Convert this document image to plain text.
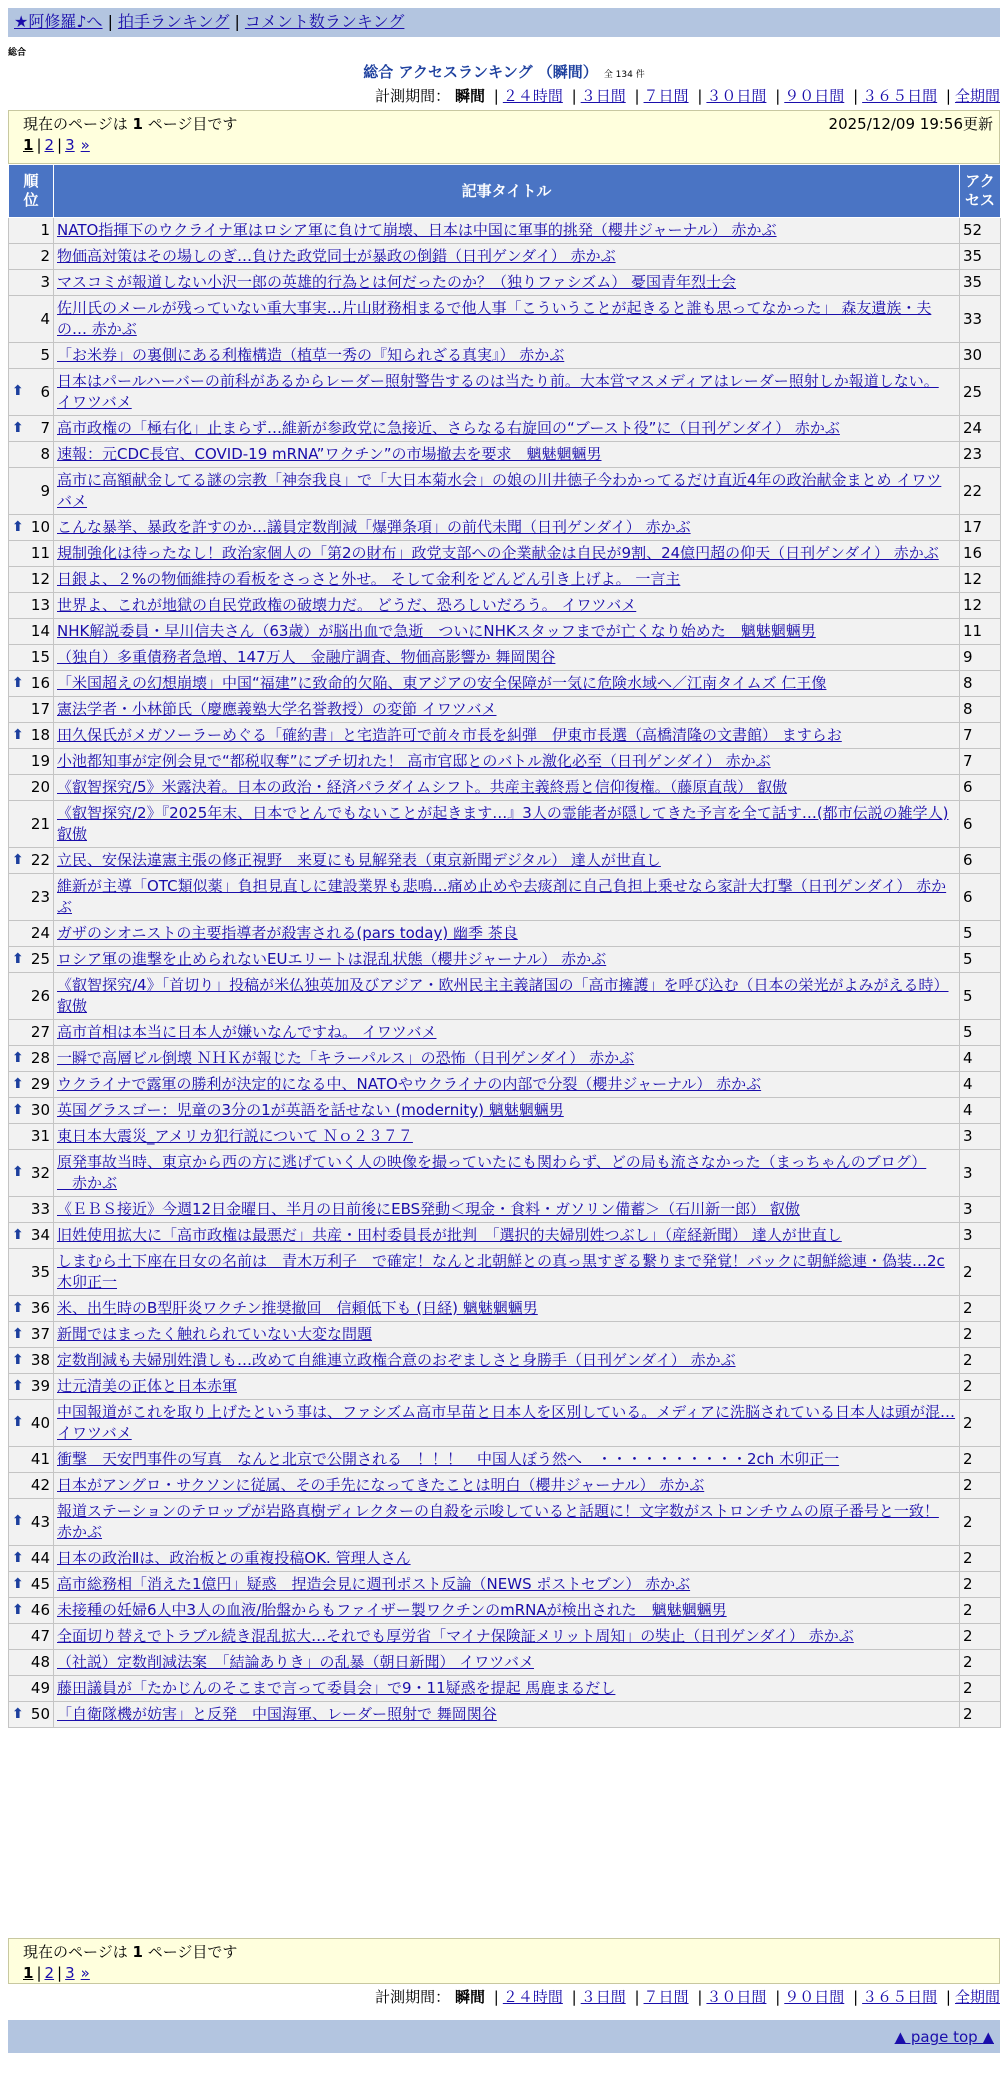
★阿修羅♪へ | 拍手ランキング | コメント数ランキング
総合
総合 アクセスランキング （瞬間） 全 134 件
計測期間： 瞬間 | ２４時間 | ３日間 | ７日間 | ３０日間 | ９０日間 | ３６５日間 | 全期間
現在のページは 1 ページ目です	2025/12/09 19:56更新
1 | 2 | 3 »
順位	記事タイトル	アクセス
1	NATO指揮下のウクライナ軍はロシア軍に負けて崩壊、日本は中国に軍事的挑発（櫻井ジャーナル） 赤かぶ	52
2	物価高対策はその場しのぎ…負けた政党同士が暴政の倒錯（日刊ゲンダイ） 赤かぶ	35
3	マスコミが報道しない小沢一郎の英雄的行為とは何だったのか？（独りファシズム） 憂国青年烈士会	35
4	佐川氏のメールが残っていない重大事実…片山財務相まるで他人事「こういうことが起きると誰も思ってなかった」 森友遺族・夫の… 赤かぶ	33
5	「お米券」の裏側にある利権構造（植草一秀の『知られざる真実』） 赤かぶ	30

⬆ 6	日本はパールハーバーの前科があるからレーダー照射警告するのは当たり前。大本営マスメディアはレーダー照射しか報道しない。 イワツバメ	25

⬆ 7	高市政権の「極右化」止まらず…維新が参政党に急接近、さらなる右旋回の“ブースト役”に（日刊ゲンダイ） 赤かぶ	24
8	速報：元CDC長官、COVID-19 mRNA”ワクチン”の市場撤去を要求　魑魅魍魎男	23
9	高市に高額献金してる謎の宗教「神奈我良」で「大日本菊水会」の娘の川井徳子今わかってるだけ直近4年の政治献金まとめ イワツバメ	22

⬆ 10	こんな暴挙、暴政を許すのか…議員定数削減「爆弾条項」の前代未聞（日刊ゲンダイ） 赤かぶ	17
11	規制強化は待ったなし！政治家個人の「第2の財布」政党支部への企業献金は自民が9割、24億円超の仰天（日刊ゲンダイ） 赤かぶ	16
12	日銀よ、２%の物価維持の看板をさっさと外せ。 そして金利をどんどん引き上げよ。 一言主	12
13	世界よ、これが地獄の自民党政権の破壊力だ。 どうだ、恐ろしいだろう。 イワツバメ	12
14	NHK解説委員・早川信夫さん（63歳）が脳出血で急逝　ついにNHKスタッフまでが亡くなり始めた　魑魅魍魎男	11
15	（独自）多重債務者急増、147万人　金融庁調査、物価高影響か 舞岡関谷	9

⬆ 16	「米国超えの幻想崩壊」中国“福建”に致命的欠陥、東アジアの安全保障が一気に危険水域へ／江南タイムズ 仁王像	8
17	憲法学者・小林節氏（慶應義塾大学名誉教授）の変節 イワツバメ	8

⬆ 18	田久保氏がメガソーラーめぐる「確約書」と宅造許可で前々市長を糾弾　伊東市長選（高橋清隆の文書館） ますらお	7
19	小池都知事が定例会見で“都税収奪”にブチ切れた！ 高市官邸とのバトル激化必至（日刊ゲンダイ） 赤かぶ	7
20	《叡智探究/5》米露決着。日本の政治・経済パラダイムシフト。共産主義終焉と信仰復権。（藤原直哉） 叡傲	6
21	《叡智探究/2》『2025年末、日本でとんでもないことが起きます…』3人の霊能者が隠してきた予言を全て話す…(都市伝説の雑学人) 叡傲	6

⬆ 22	立民、安保法違憲主張の修正視野　来夏にも見解発表（東京新聞デジタル） 達人が世直し	6
23	維新が主導「OTC類似薬」負担見直しに建設業界も悲鳴…痛め止めや去痰剤に自己負担上乗せなら家計大打撃（日刊ゲンダイ） 赤かぶ	6
24	ガザのシオニストの主要指導者が殺害される(pars today) 幽季 茶良	5

⬆ 25	ロシア軍の進撃を止められないEUエリートは混乱状態（櫻井ジャーナル） 赤かぶ	5
26	《叡智探究/4》「首切り」投稿が米仏独英加及びアジア・欧州民主主義諸国の「高市擁護」を呼び込む（日本の栄光がよみがえる時） 叡傲	5
27	高市首相は本当に日本人が嫌いなんですね。 イワツバメ	5

⬆ 28	一瞬で高層ビル倒壊 ＮＨＫが報じた「キラーパルス」の恐怖（日刊ゲンダイ） 赤かぶ	4

⬆ 29	ウクライナで露軍の勝利が決定的になる中、NATOやウクライナの内部で分裂（櫻井ジャーナル） 赤かぶ	4

⬆ 30	英国グラスゴー：児童の3分の1が英語を話せない (modernity) 魑魅魍魎男	4
31	東日本大震災_アメリカ犯行説について Ｎｏ２３７７	3

⬆ 32	原発事故当時、東京から西の方に逃げていく人の映像を撮っていたにも関わらず、どの局も流さなかった（まっちゃんのブログ） 　赤かぶ	3
33	《ＥＢＳ接近》今週12日金曜日、半月の日前後にEBS発動＜現金・食料・ガソリン備蓄＞（石川新一郎） 叡傲	3

⬆ 34	旧姓使用拡大に「高市政権は最悪だ」共産・田村委員長が批判　「選択的夫婦別姓つぶし」（産経新聞） 達人が世直し	3
35	しまむら土下座在日女の名前は　青木万利子　で確定！なんと北朝鮮との真っ黒すぎる繋りまで発覚！バックに朝鮮総連・偽装…2c 木卯正一	2

⬆ 36	米、出生時のB型肝炎ワクチン推奨撤回　信頼低下も (日経) 魑魅魍魎男	2

⬆ 37	新聞ではまったく触れられていない大変な問題	2

⬆ 38	定数削減も夫婦別姓潰しも…改めて自維連立政権合意のおぞましさと身勝手（日刊ゲンダイ） 赤かぶ	2

⬆ 39	辻元清美の正体と日本赤軍	2

⬆ 40	中国報道がこれを取り上げたという事は、ファシズム高市早苗と日本人を区別している。メディアに洗脳されている日本人は頭が混… イワツバメ	2
41	衝撃　天安門事件の写真　なんと北京で公開される　！！！　中国人ぼう然へ　・・・・・・・・・・2ch 木卯正一	2
42	日本がアングロ・サクソンに従属、その手先になってきたことは明白（櫻井ジャーナル） 赤かぶ	2

⬆ 43	報道ステーションのテロップが岩路真樹ディレクターの自殺を示唆していると話題に！文字数がストロンチウムの原子番号と一致！ 赤かぶ	2

⬆ 44	日本の政治Ⅱは、政治板との重複投稿OK. 管理人さん	2

⬆ 45	高市総務相「消えた1億円」疑惑　捏造会見に週刊ポスト反論（NEWS ポストセブン） 赤かぶ	2

⬆ 46	未接種の妊婦6人中3人の血液/胎盤からもファイザー製ワクチンのmRNAが検出された　魑魅魍魎男	2
47	全面切り替えでトラブル続き混乱拡大…それでも厚労省「マイナ保険証メリット周知」の奘止（日刊ゲンダイ） 赤かぶ	2
48	（社説）定数削減法案　「結論ありき」の乱暴（朝日新聞） イワツバメ	2
49	藤田議員が「たかじんのそこまで言って委員会」で9・11疑惑を提起 馬鹿まるだし	2

⬆ 50	「自衛隊機が妨害」と反発　中国海軍、レーダー照射で 舞岡関谷	2
現在のページは 1 ページ目です
1 | 2 | 3 »
計測期間： 瞬間 | ２４時間 | ３日間 | ７日間 | ３０日間 | ９０日間 | ３６５日間 | 全期間
▲ page top ▲
